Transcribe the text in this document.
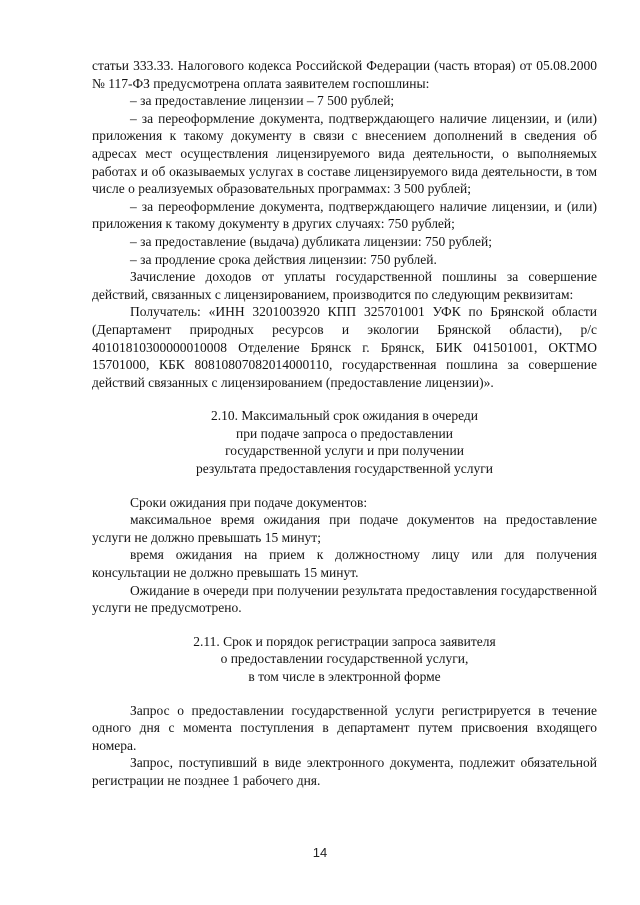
статьи 333.33. Налогового кодекса Российской Федерации (часть вторая) от 05.08.2000 № 117-ФЗ предусмотрена оплата заявителем госпошлины:

– за предоставление лицензии – 7 500 рублей;

– за переоформление документа, подтверждающего наличие лицензии, и (или) приложения к такому документу в связи с внесением дополнений в сведения об адресах мест осуществления лицензируемого вида деятельности, о выполняемых работах и об оказываемых услугах в составе лицензируемого вида деятельности, в том числе о реализуемых образовательных программах: 3 500 рублей;

– за переоформление документа, подтверждающего наличие лицензии, и (или) приложения к такому документу в других случаях: 750 рублей;

– за предоставление (выдача) дубликата лицензии: 750 рублей;

– за продление срока действия лицензии: 750 рублей.

Зачисление доходов от уплаты государственной пошлины за совершение действий, связанных с лицензированием, производится по следующим реквизитам:

Получатель: «ИНН 3201003920 КПП 325701001 УФК по Брянской области (Департамент природных ресурсов и экологии Брянской области), р/с 40101810300000010008 Отделение Брянск г. Брянск, БИК 041501001, ОКТМО 15701000, КБК 80810807082014000110, государственная пошлина за совершение действий связанных с лицензированием (предоставление лицензии)».

2.10. Максимальный срок ожидания в очереди

при подаче запроса о предоставлении

государственной услуги и при получении

результата предоставления государственной услуги

Сроки ожидания при подаче документов:

максимальное время ожидания при подаче документов на предоставление услуги не должно превышать 15 минут;

время ожидания на прием к должностному лицу или для получения консультации не должно превышать 15 минут.

Ожидание в очереди при получении результата предоставления государственной услуги не предусмотрено.

2.11. Срок и порядок регистрации запроса заявителя

о предоставлении государственной услуги,

в том числе в электронной форме

Запрос о предоставлении государственной услуги регистрируется в течение одного дня с момента поступления в департамент путем присвоения входящего номера.

Запрос, поступивший в виде электронного документа, подлежит обязательной регистрации не позднее 1 рабочего дня.

14
